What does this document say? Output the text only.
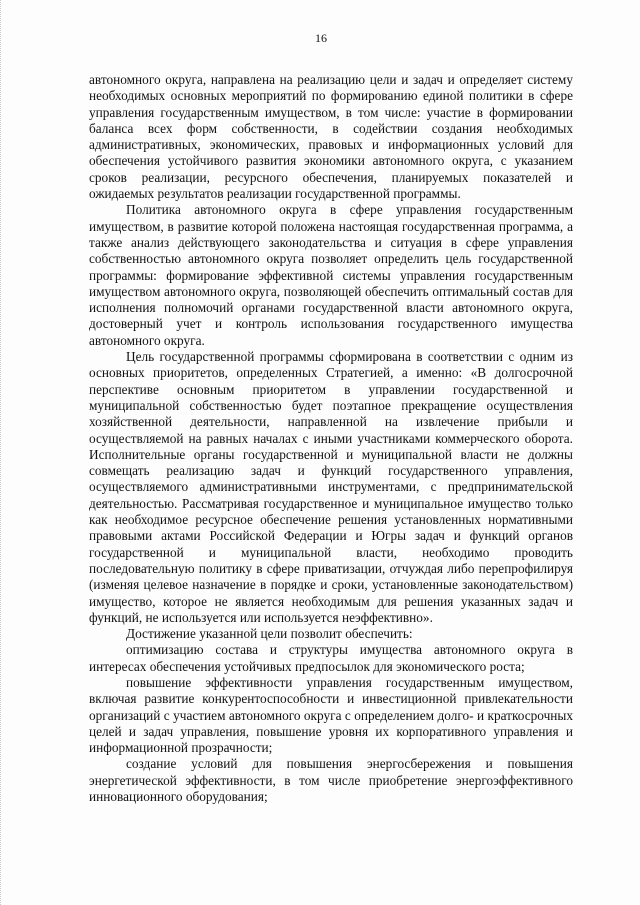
16

автономного округа, направлена на реализацию цели и задач и определяет систему необходимых основных мероприятий по формированию единой политики в сфере управления государственным имуществом, в том числе: участие в формировании баланса всех форм собственности, в содействии создания необходимых административных, экономических, правовых и информационных условий для обеспечения устойчивого развития экономики автономного округа, с указанием сроков реализации, ресурсного обеспечения, планируемых показателей и ожидаемых результатов реализации государственной программы.

Политика автономного округа в сфере управления государственным имуществом, в развитие которой положена настоящая государственная программа, а также анализ действующего законодательства и ситуация в сфере управления собственностью автономного округа позволяет определить цель государственной программы: формирование эффективной системы управления государственным имуществом автономного округа, позволяющей обеспечить оптимальный состав для исполнения полномочий органами государственной власти автономного округа, достоверный учет и контроль использования государственного имущества автономного округа.

Цель государственной программы сформирована в соответствии с одним из основных приоритетов, определенных Стратегией, а именно: «В долгосрочной перспективе основным приоритетом в управлении государственной и муниципальной собственностью будет поэтапное прекращение осуществления хозяйственной деятельности, направленной на извлечение прибыли и осуществляемой на равных началах с иными участниками коммерческого оборота. Исполнительные органы государственной и муниципальной власти не должны совмещать реализацию задач и функций государственного управления, осуществляемого административными инструментами, с предпринимательской деятельностью. Рассматривая государственное и муниципальное имущество только как необходимое ресурсное обеспечение решения установленных нормативными правовыми актами Российской Федерации и Югры задач и функций органов государственной и муниципальной власти, необходимо проводить последовательную политику в сфере приватизации, отчуждая либо перепрофилируя (изменяя целевое назначение в порядке и сроки, установленные законодательством) имущество, которое не является необходимым для решения указанных задач и функций, не используется или используется неэффективно».

Достижение указанной цели позволит обеспечить:

оптимизацию состава и структуры имущества автономного округа в интересах обеспечения устойчивых предпосылок для экономического роста;

повышение эффективности управления государственным имуществом, включая развитие конкурентоспособности и инвестиционной привлекательности организаций с участием автономного округа с определением долго- и краткосрочных целей и задач управления, повышение уровня их корпоративного управления и информационной прозрачности;

создание условий для повышения энергосбережения и повышения энергетической эффективности, в том числе приобретение энергоэффективного инновационного оборудования;
